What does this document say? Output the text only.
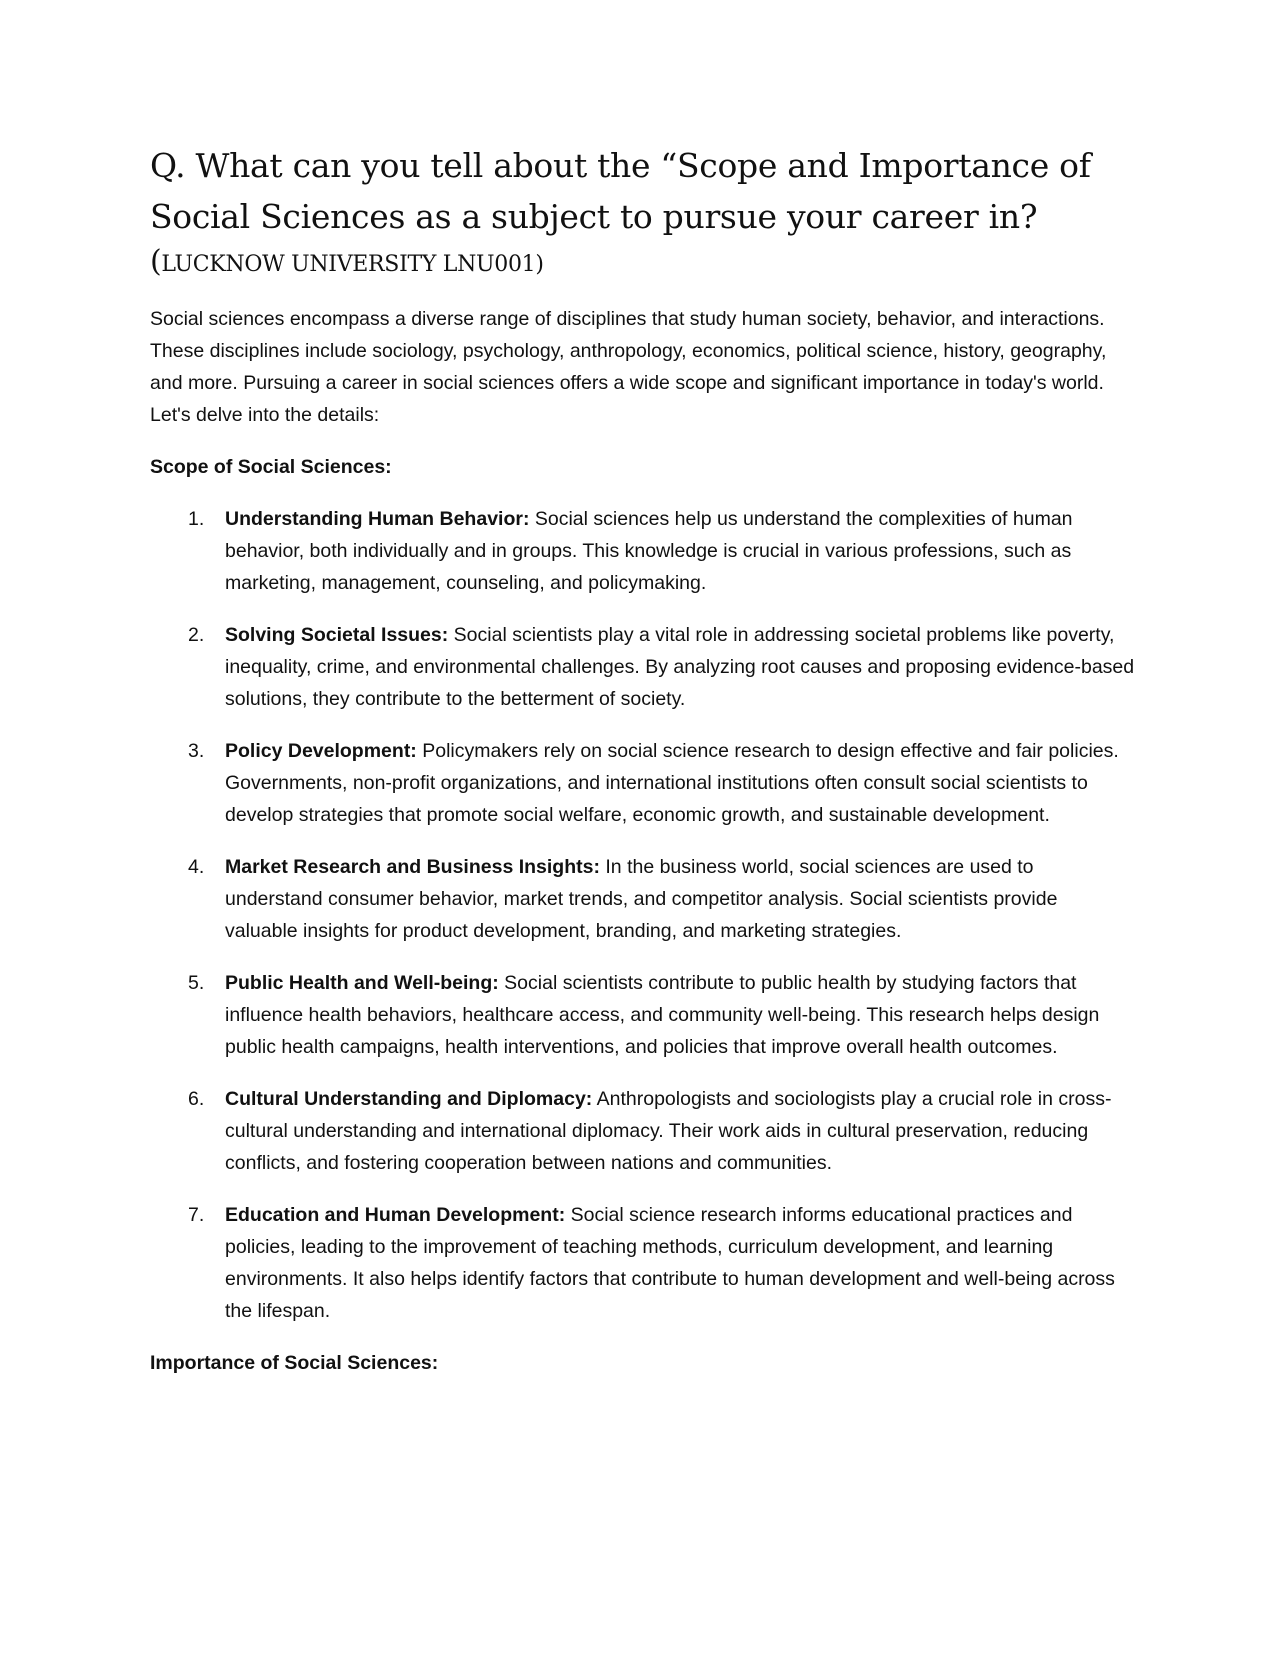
Q. What can you tell about the “Scope and Importance of Social Sciences as a subject to pursue your career in?
(LUCKNOW UNIVERSITY LNU001)

Social sciences encompass a diverse range of disciplines that study human society, behavior, and interactions. These disciplines include sociology, psychology, anthropology, economics, political science, history, geography, and more. Pursuing a career in social sciences offers a wide scope and significant importance in today's world. Let's delve into the details:

Scope of Social Sciences:
1. Understanding Human Behavior: Social sciences help us understand the complexities of human behavior, both individually and in groups. This knowledge is crucial in various professions, such as marketing, management, counseling, and policymaking.
2. Solving Societal Issues: Social scientists play a vital role in addressing societal problems like poverty, inequality, crime, and environmental challenges. By analyzing root causes and proposing evidence-based solutions, they contribute to the betterment of society.
3. Policy Development: Policymakers rely on social science research to design effective and fair policies. Governments, non-profit organizations, and international institutions often consult social scientists to develop strategies that promote social welfare, economic growth, and sustainable development.
4. Market Research and Business Insights: In the business world, social sciences are used to understand consumer behavior, market trends, and competitor analysis. Social scientists provide valuable insights for product development, branding, and marketing strategies.
5. Public Health and Well-being: Social scientists contribute to public health by studying factors that influence health behaviors, healthcare access, and community well-being. This research helps design public health campaigns, health interventions, and policies that improve overall health outcomes.
6. Cultural Understanding and Diplomacy: Anthropologists and sociologists play a crucial role in cross-cultural understanding and international diplomacy. Their work aids in cultural preservation, reducing conflicts, and fostering cooperation between nations and communities.
7. Education and Human Development: Social science research informs educational practices and policies, leading to the improvement of teaching methods, curriculum development, and learning environments. It also helps identify factors that contribute to human development and well-being across the lifespan.
Importance of Social Sciences:
